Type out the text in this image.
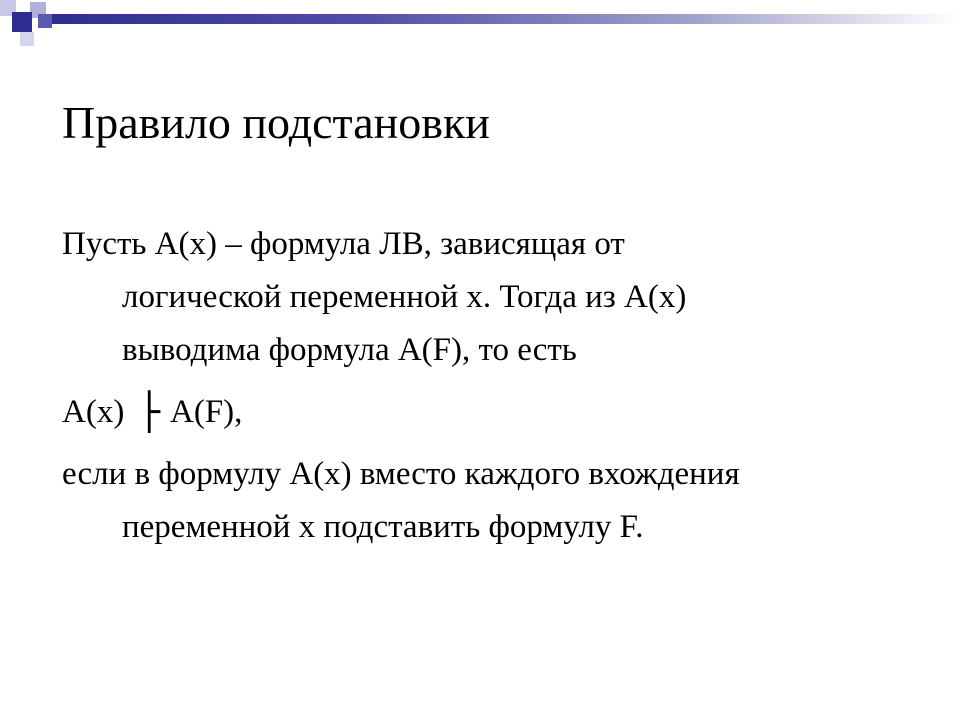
Правило подстановки

Пусть А(х) – формула ЛВ, зависящая от
логической переменной х. Тогда из А(х)
выводима формула А(F), то есть

А(х) ├ А(F),

если в формулу А(х) вместо каждого вхождения
переменной х подставить формулу F.
